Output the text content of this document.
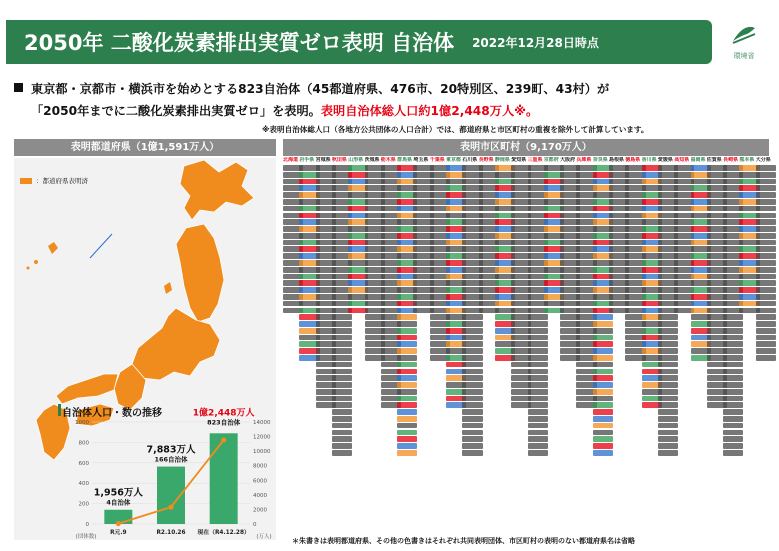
2050年 二酸化炭素排出実質ゼロ表明 自治体 2022年12月28日時点
環境省
東京都・京都市・横浜市を始めとする823自治体（45都道府県、476市、20特別区、239町、43村）が
「2050年までに二酸化炭素排出実質ゼロ」を表明。表明自治体総人口約1億2,448万人※。
※表明自治体総人口（各地方公共団体の人口合計）では、都道府県と市区町村の重複を除外して計算しています。
表明都道府県（1億1,591万人）	表明市区町村（9,170万人）
：都道府県表明済
北海道 岩手県 宮城県 秋田県 山形県 茨城県 栃木県 群馬県 埼玉県 千葉県 東京都 石川県 長野県 静岡県 愛知県 三重県 京都府 大阪府 兵庫県 奈良県 島根県 徳島県 香川県 愛媛県 高知県 福岡県 佐賀県 長崎県 熊本県 大分県
自治体人口・数の推移
0
200
400
600
800
1000
0
2000
4000
6000
8000
10000
12000
14000
(団体数)	(万人)
R元.9	R2.10.26 現在（R4.12.28）
1,956万人
4自治体
7,883万人
166自治体
1億2,448万人
823自治体
＊朱書きは表明都道府県、その他の色書きはそれぞれ共同表明団体、市区町村の表明のない都道府県名は省略
